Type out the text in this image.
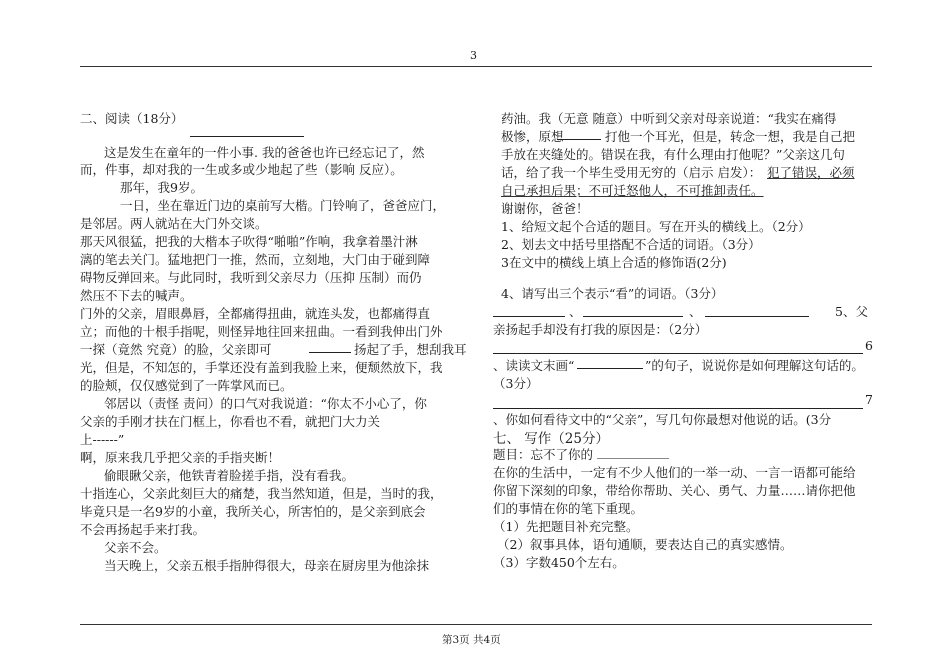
3
二、阅读（18分）
这是发生在童年的一件小事. 我的爸爸也许已经忘记了，然
而，件事，却对我的一生或多或少地起了些（影响 反应）。
那年，我9岁。
一日，坐在靠近门边的桌前写大楷。门铃响了，爸爸应门，
是邻居。两人就站在大门外交谈。
那天风很猛，把我的大楷本子吹得“啪啪”作响，我拿着墨汁淋
漓的笔去关门。猛地把门一推，然而，立刻地，大门由于碰到障
碍物反弹回来。与此同时，我听到父亲尽力（压抑 压制）而仍
然压不下去的喊声。
门外的父亲，眉眼鼻唇，全都痛得扭曲，就连头发，也都痛得直
立；而他的十根手指呢，则怪异地往回来扭曲。一看到我伸出门外
一探（竟然 究竟）的脸，父亲即可	扬起了手，想刮我耳
光，但是，不知怎的，手掌还没有盖到我脸上来，便颓然放下，我
的脸颊，仅仅感觉到了一阵掌风而已。
邻居以（责怪 责问）的口气对我说道：“你太不小心了，你
父亲的手刚才扶在门框上，你看也不看，就把门大力关
上------”
啊，原来我几乎把父亲的手指夹断！
偷眼瞅父亲，他铁青着脸搓手指，没有看我。
十指连心，父亲此刻巨大的痛楚，我当然知道，但是，当时的我，
毕竟只是一名9岁的小童，我所关心，所害怕的，是父亲到底会
不会再扬起手来打我。
父亲不会。
当天晚上，父亲五根手指肿得很大，母亲在厨房里为他涂抹
药油。我（无意 随意）中听到父亲对母亲说道：“我实在痛得
极惨，原想	打他一个耳光，但是，转念一想，我是自己把
手放在夹缝处的。错误在我，有什么理由打他呢？”父亲这几句
话，给了我一个毕生受用无穷的（启示 启发）： 犯了错误，必须
自己承担后果；不可迁怒他人，不可推卸责任。
谢谢你，爸爸！
1、给短文起个合适的题目。写在开头的横线上。（2分）
2、划去文中括号里搭配不合适的词语。（3分）
3在文中的横线上填上合适的修饰语(2分)
4、请写出三个表示“看”的词语。（3分）
、	、	5、父
亲扬起手却没有打我的原因是：（2分）
6
、读读文末画“	”的句子，说说你是如何理解这句话的。
（3分）
7
、你如何看待文中的“父亲”，写几句你最想对他说的话。(3分
七、 写作（25分）
题目：忘不了你的
在你的生活中，一定有不少人他们的一举一动、一言一语都可能给
你留下深刻的印象，带给你帮助、关心、勇气、力量……请你把他
们的事情在你的笔下重现。
（1）先把题目补充完整。
（2）叙事具体，语句通顺，要表达自己的真实感情。
（3）字数450个左右。
第3页 共4页
